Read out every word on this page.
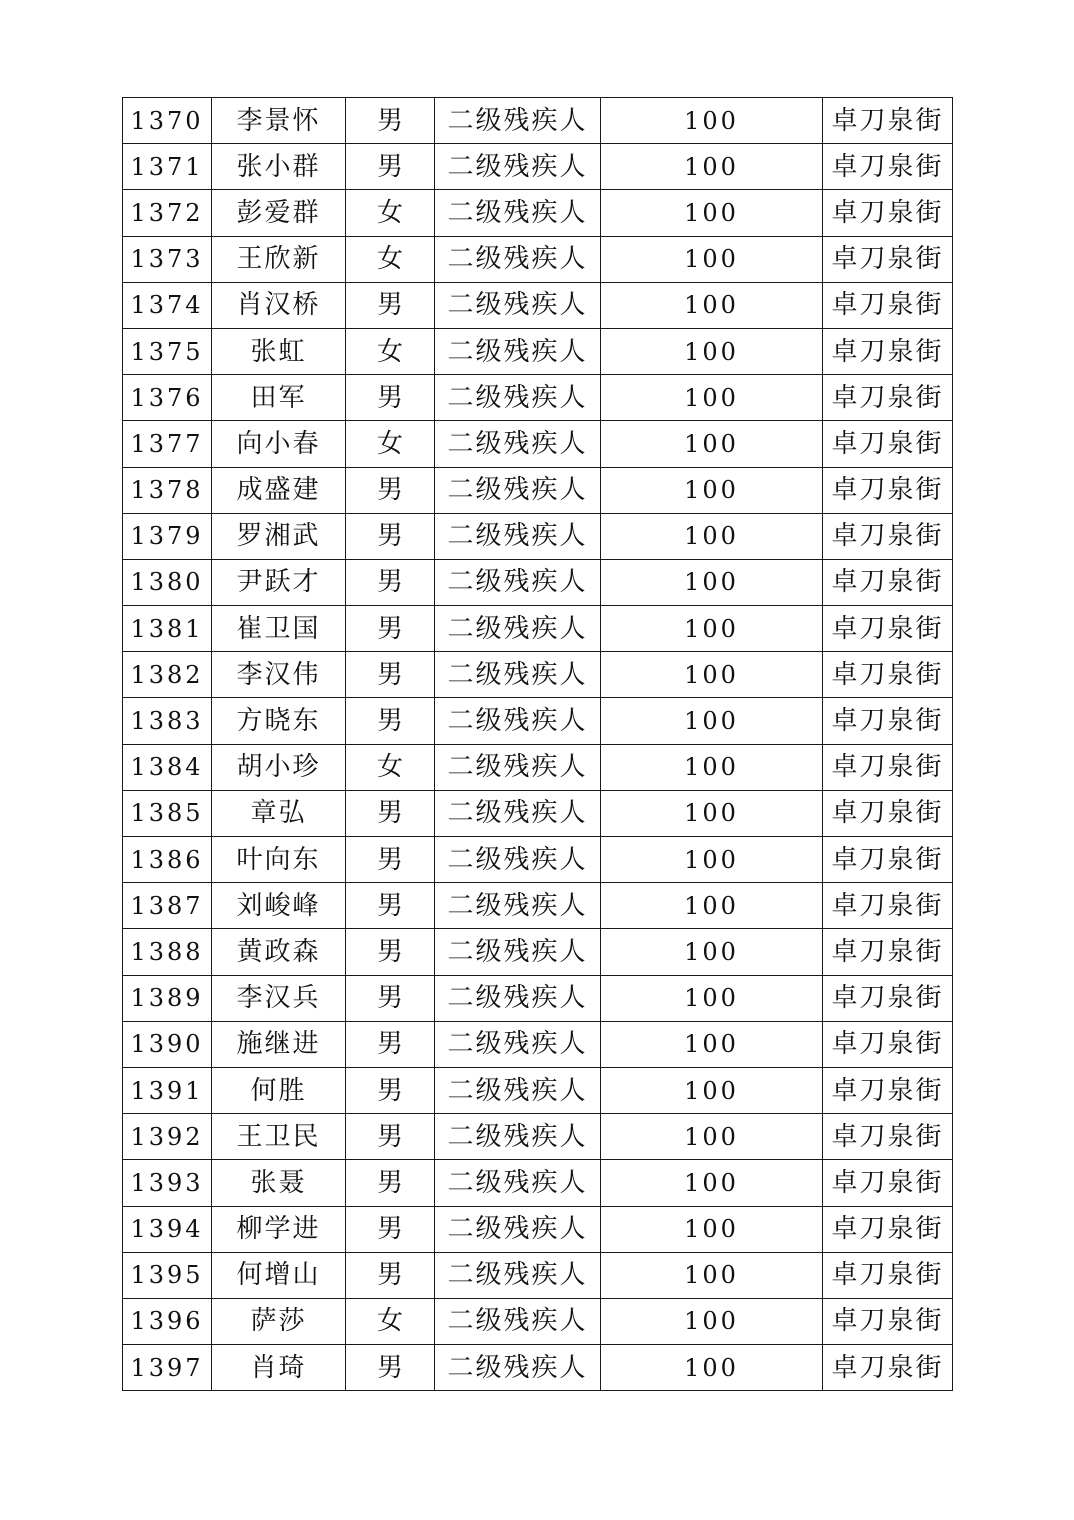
1370	李景怀	男	二级残疾人	100	卓刀泉街
1371	张小群	男	二级残疾人	100	卓刀泉街
1372	彭爱群	女	二级残疾人	100	卓刀泉街
1373	王欣新	女	二级残疾人	100	卓刀泉街
1374	肖汉桥	男	二级残疾人	100	卓刀泉街
1375	张虹	女	二级残疾人	100	卓刀泉街
1376	田军	男	二级残疾人	100	卓刀泉街
1377	向小春	女	二级残疾人	100	卓刀泉街
1378	成盛建	男	二级残疾人	100	卓刀泉街
1379	罗湘武	男	二级残疾人	100	卓刀泉街
1380	尹跃才	男	二级残疾人	100	卓刀泉街
1381	崔卫国	男	二级残疾人	100	卓刀泉街
1382	李汉伟	男	二级残疾人	100	卓刀泉街
1383	方晓东	男	二级残疾人	100	卓刀泉街
1384	胡小珍	女	二级残疾人	100	卓刀泉街
1385	章弘	男	二级残疾人	100	卓刀泉街
1386	叶向东	男	二级残疾人	100	卓刀泉街
1387	刘峻峰	男	二级残疾人	100	卓刀泉街
1388	黄政森	男	二级残疾人	100	卓刀泉街
1389	李汉兵	男	二级残疾人	100	卓刀泉街
1390	施继进	男	二级残疾人	100	卓刀泉街
1391	何胜	男	二级残疾人	100	卓刀泉街
1392	王卫民	男	二级残疾人	100	卓刀泉街
1393	张聂	男	二级残疾人	100	卓刀泉街
1394	柳学进	男	二级残疾人	100	卓刀泉街
1395	何增山	男	二级残疾人	100	卓刀泉街
1396	萨莎	女	二级残疾人	100	卓刀泉街
1397	肖琦	男	二级残疾人	100	卓刀泉街
